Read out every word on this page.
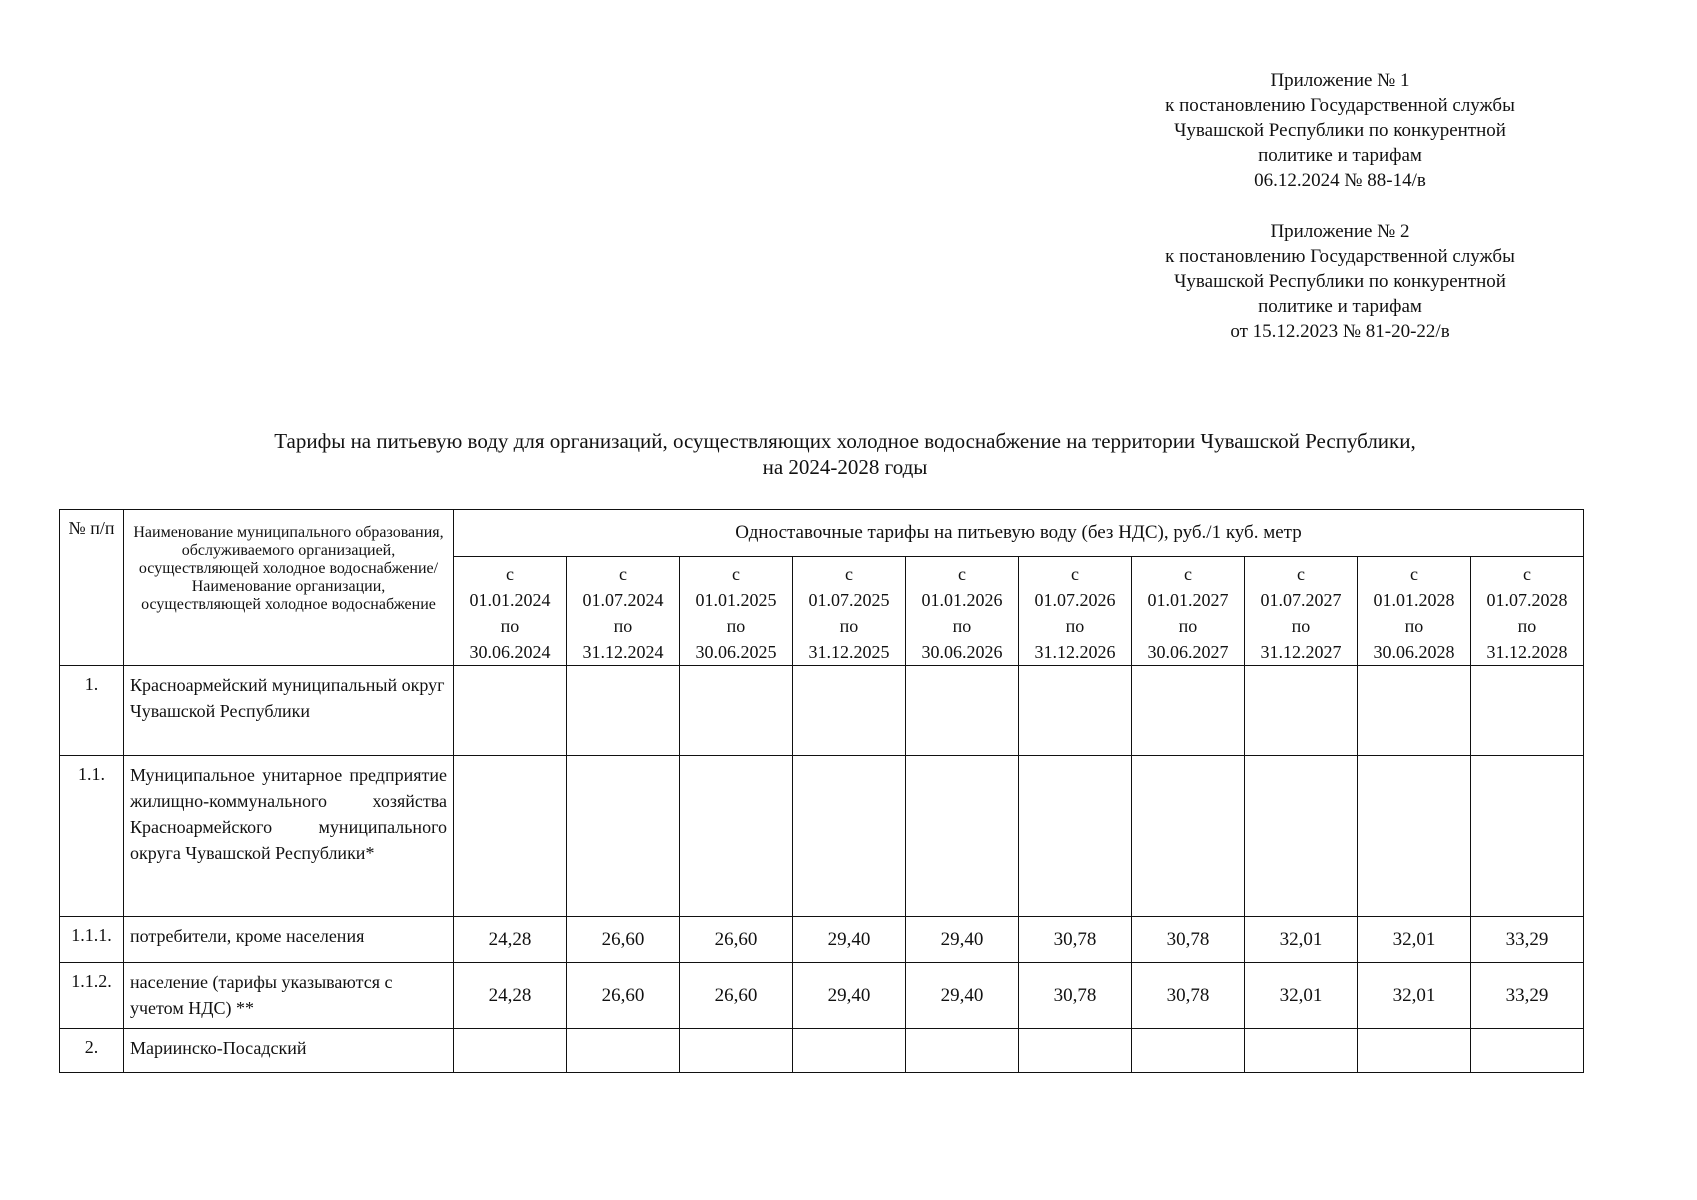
Приложение № 1
к постановлению Государственной службы
Чувашской Республики по конкурентной
политике и тарифам
06.12.2024 № 88-14/в
Приложение № 2
к постановлению Государственной службы
Чувашской Республики по конкурентной
политике и тарифам
от 15.12.2023 № 81-20-22/в
Тарифы на питьевую воду для организаций, осуществляющих холодное водоснабжение на территории Чувашской Республики,
на 2024-2028 годы
№ п/п	Наименование муниципального образования, обслуживаемого организацией, осуществляющей холодное водоснабжение/Наименование организации, осуществляющей холодное водоснабжение	Одноставочные тарифы на питьевую воду (без НДС), руб./1 куб. метр									

		с
01.01.2024
по
30.06.2024	с
01.07.2024
по
31.12.2024	с
01.01.2025
по
30.06.2025	с
01.07.2025
по
31.12.2025	с
01.01.2026
по
30.06.2026	с
01.07.2026
по
31.12.2026	с
01.01.2027
по
30.06.2027	с
01.07.2027
по
31.12.2027	с
01.01.2028
по
30.06.2028	с
01.07.2028
по
31.12.2028

1.	Красноармейский муниципальный округ Чувашской Республики										
1.1.	Муниципальное унитарное предприятие жилищно-коммунального хозяйства Красноармейского муниципального округа Чувашской Республики*										
1.1.1.	потребители, кроме населения	24,28	26,60	26,60	29,40	29,40	30,78	30,78	32,01	32,01	33,29
1.1.2.	население (тарифы указываются с учетом НДС) **	24,28	26,60	26,60	29,40	29,40	30,78	30,78	32,01	32,01	33,29
2.	Мариинско-Посадский										
